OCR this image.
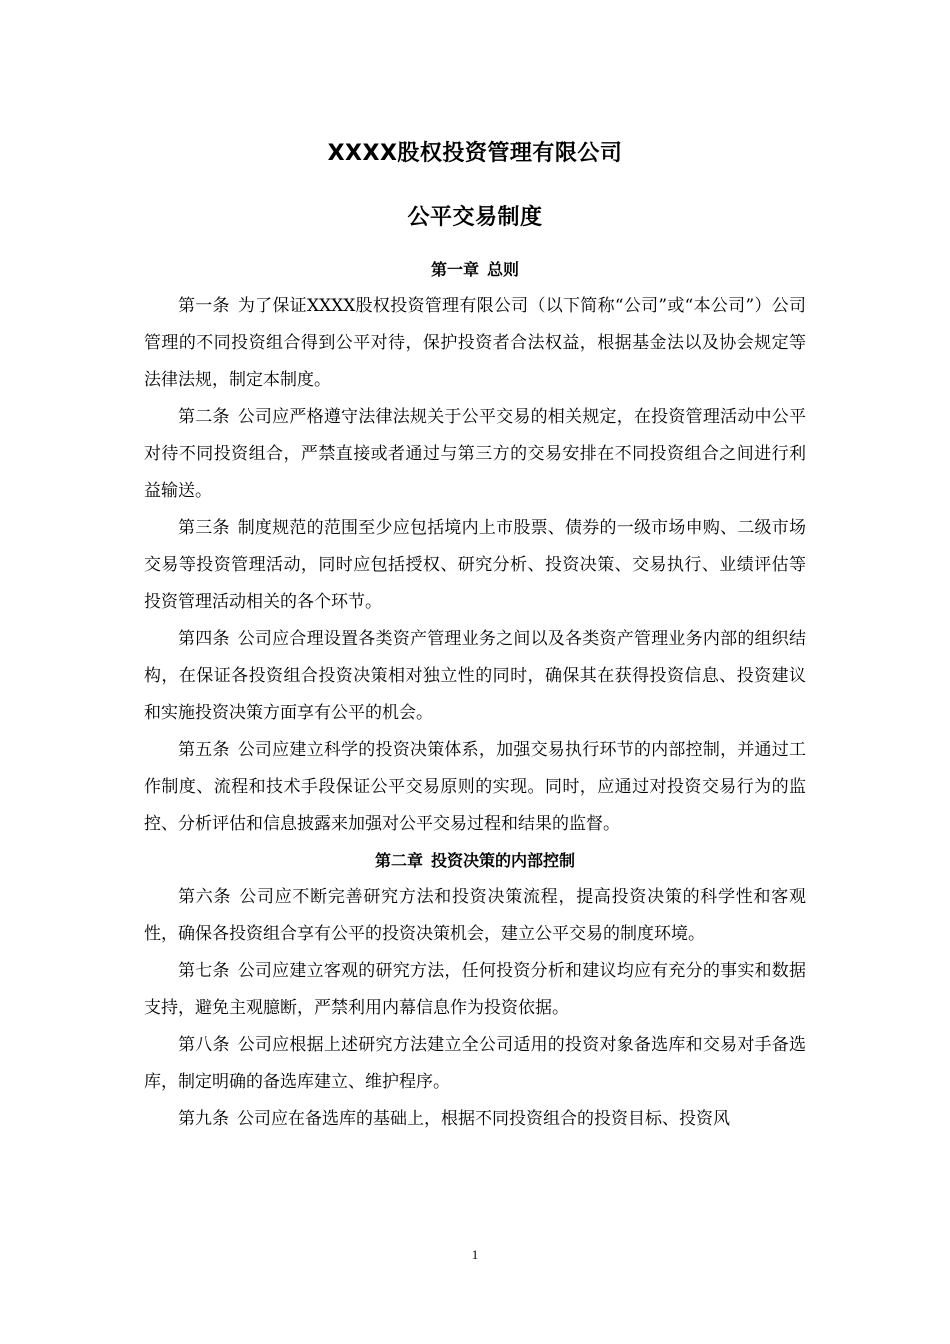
XXXX股权投资管理有限公司
公平交易制度
第一章 总则

第一条 为了保证XXXX股权投资管理有限公司（以下简称“公司”或“本公司”）公司管理的不同投资组合得到公平对待，保护投资者合法权益，根据基金法以及协会规定等法律法规，制定本制度。

第二条 公司应严格遵守法律法规关于公平交易的相关规定，在投资管理活动中公平对待不同投资组合，严禁直接或者通过与第三方的交易安排在不同投资组合之间进行利益输送。

第三条 制度规范的范围至少应包括境内上市股票、债券的一级市场申购、二级市场交易等投资管理活动，同时应包括授权、研究分析、投资决策、交易执行、业绩评估等投资管理活动相关的各个环节。

第四条 公司应合理设置各类资产管理业务之间以及各类资产管理业务内部的组织结构，在保证各投资组合投资决策相对独立性的同时，确保其在获得投资信息、投资建议和实施投资决策方面享有公平的机会。

第五条 公司应建立科学的投资决策体系，加强交易执行环节的内部控制，并通过工作制度、流程和技术手段保证公平交易原则的实现。同时，应通过对投资交易行为的监控、分析评估和信息披露来加强对公平交易过程和结果的监督。

第二章 投资决策的内部控制

第六条 公司应不断完善研究方法和投资决策流程，提高投资决策的科学性和客观性，确保各投资组合享有公平的投资决策机会，建立公平交易的制度环境。

第七条 公司应建立客观的研究方法，任何投资分析和建议均应有充分的事实和数据支持，避免主观臆断，严禁利用内幕信息作为投资依据。

第八条 公司应根据上述研究方法建立全公司适用的投资对象备选库和交易对手备选库，制定明确的备选库建立、维护程序。

第九条 公司应在备选库的基础上，根据不同投资组合的投资目标、投资风

1
